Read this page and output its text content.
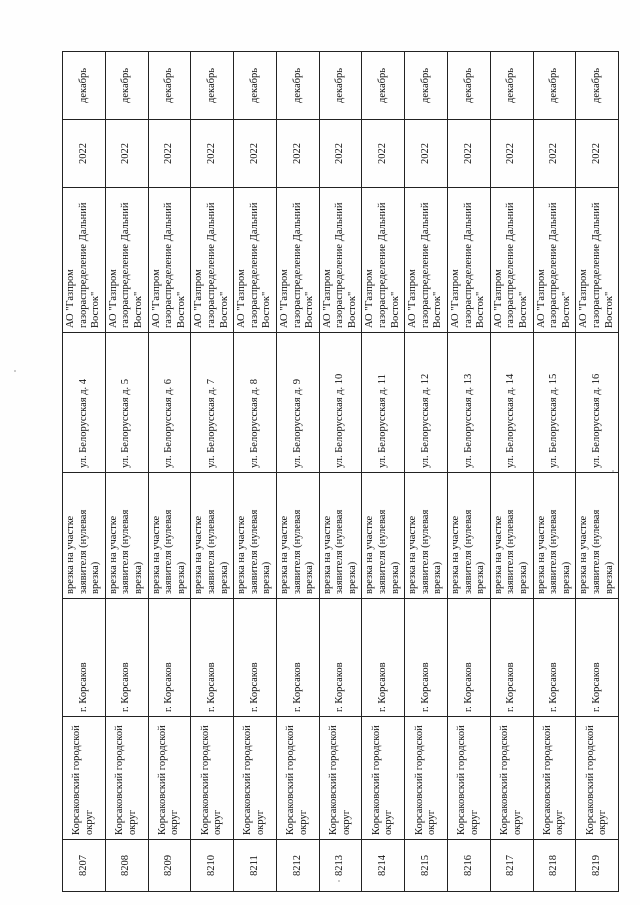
8207	Корсаковский городской округ	г. Корсаков	врезка на участке заявителя (нулевая врезка)	ул. Белорусская д. 4	АО "Газпром газораспределение Дальний Восток"	2022	декабрь
8208	Корсаковский городской округ	г. Корсаков	врезка на участке заявителя (нулевая врезка)	ул. Белорусская д. 5	АО "Газпром газораспределение Дальний Восток"	2022	декабрь
8209	Корсаковский городской округ	г. Корсаков	врезка на участке заявителя (нулевая врезка)	ул. Белорусская д. 6	АО "Газпром газораспределение Дальний Восток"	2022	декабрь
8210	Корсаковский городской округ	г. Корсаков	врезка на участке заявителя (нулевая врезка)	ул. Белорусская д. 7	АО "Газпром газораспределение Дальний Восток"	2022	декабрь
8211	Корсаковский городской округ	г. Корсаков	врезка на участке заявителя (нулевая врезка)	ул. Белорусская д. 8	АО "Газпром газораспределение Дальний Восток"	2022	декабрь
8212	Корсаковский городской округ	г. Корсаков	врезка на участке заявителя (нулевая врезка)	ул. Белорусская д. 9	АО "Газпром газораспределение Дальний Восток"	2022	декабрь
8213	Корсаковский городской округ	г. Корсаков	врезка на участке заявителя (нулевая врезка)	ул. Белорусская д. 10	АО "Газпром газораспределение Дальний Восток"	2022	декабрь
8214	Корсаковский городской округ	г. Корсаков	врезка на участке заявителя (нулевая врезка)	ул. Белорусская д. 11	АО "Газпром газораспределение Дальний Восток"	2022	декабрь
8215	Корсаковский городской округ	г. Корсаков	врезка на участке заявителя (нулевая врезка)	ул. Белорусская д. 12	АО "Газпром газораспределение Дальний Восток"	2022	декабрь
8216	Корсаковский городской округ	г. Корсаков	врезка на участке заявителя (нулевая врезка)	ул. Белорусская д. 13	АО "Газпром газораспределение Дальний Восток"	2022	декабрь
8217	Корсаковский городской округ	г. Корсаков	врезка на участке заявителя (нулевая врезка)	ул. Белорусская д. 14	АО "Газпром газораспределение Дальний Восток"	2022	декабрь
8218	Корсаковский городской округ	г. Корсаков	врезка на участке заявителя (нулевая врезка)	ул. Белорусская д. 15	АО "Газпром газораспределение Дальний Восток"	2022	декабрь
8219	Корсаковский городской округ	г. Корсаков	врезка на участке заявителя (нулевая врезка)	ул. Белорусская д. 16	АО "Газпром газораспределение Дальний Восток"	2022	декабрь
